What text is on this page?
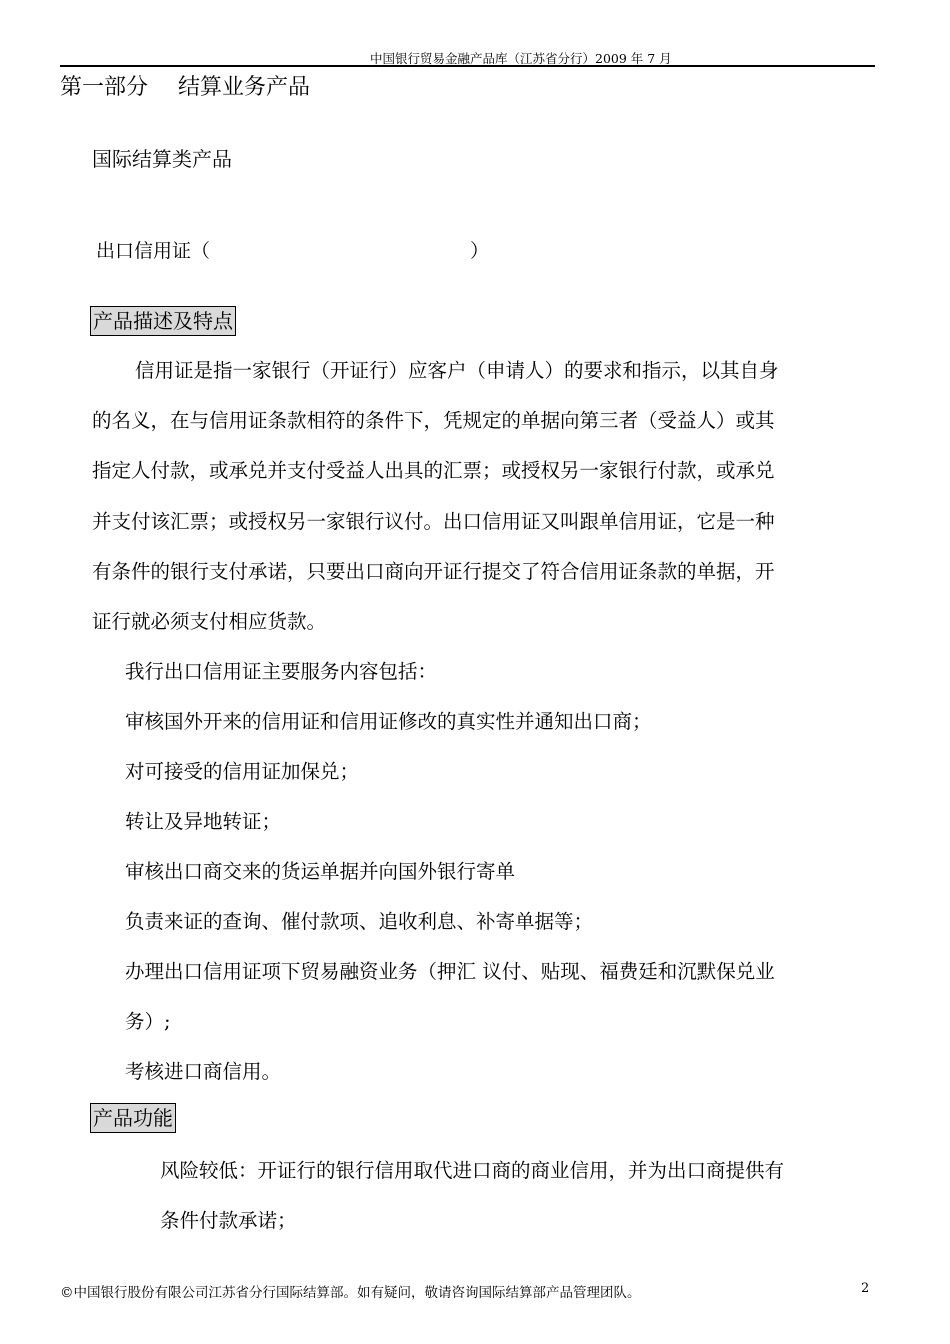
中国银行贸易金融产品库（江苏省分行）2009 年 7 月
第一部分 结算业务产品
国际结算类产品
出口信用证（	）
产品描述及特点
信用证是指一家银行（开证行）应客户（申请人）的要求和指示，以其自身
的名义，在与信用证条款相符的条件下，凭规定的单据向第三者（受益人）或其
指定人付款，或承兑并支付受益人出具的汇票；或授权另一家银行付款，或承兑
并支付该汇票；或授权另一家银行议付。出口信用证又叫跟单信用证，它是一种
有条件的银行支付承诺，只要出口商向开证行提交了符合信用证条款的单据，开
证行就必须支付相应货款。
我行出口信用证主要服务内容包括：
审核国外开来的信用证和信用证修改的真实性并通知出口商；
对可接受的信用证加保兑；
转让及异地转证；
审核出口商交来的货运单据并向国外银行寄单
负责来证的查询、催付款项、追收利息、补寄单据等；
办理出口信用证项下贸易融资业务（押汇 议付、贴现、福费廷和沉默保兑业
务）;
考核进口商信用。
产品功能
风险较低：开证行的银行信用取代进口商的商业信用，并为出口商提供有
条件付款承诺；
©中国银行股份有限公司江苏省分行国际结算部。如有疑问，敬请咨询国际结算部产品管理团队。	2
